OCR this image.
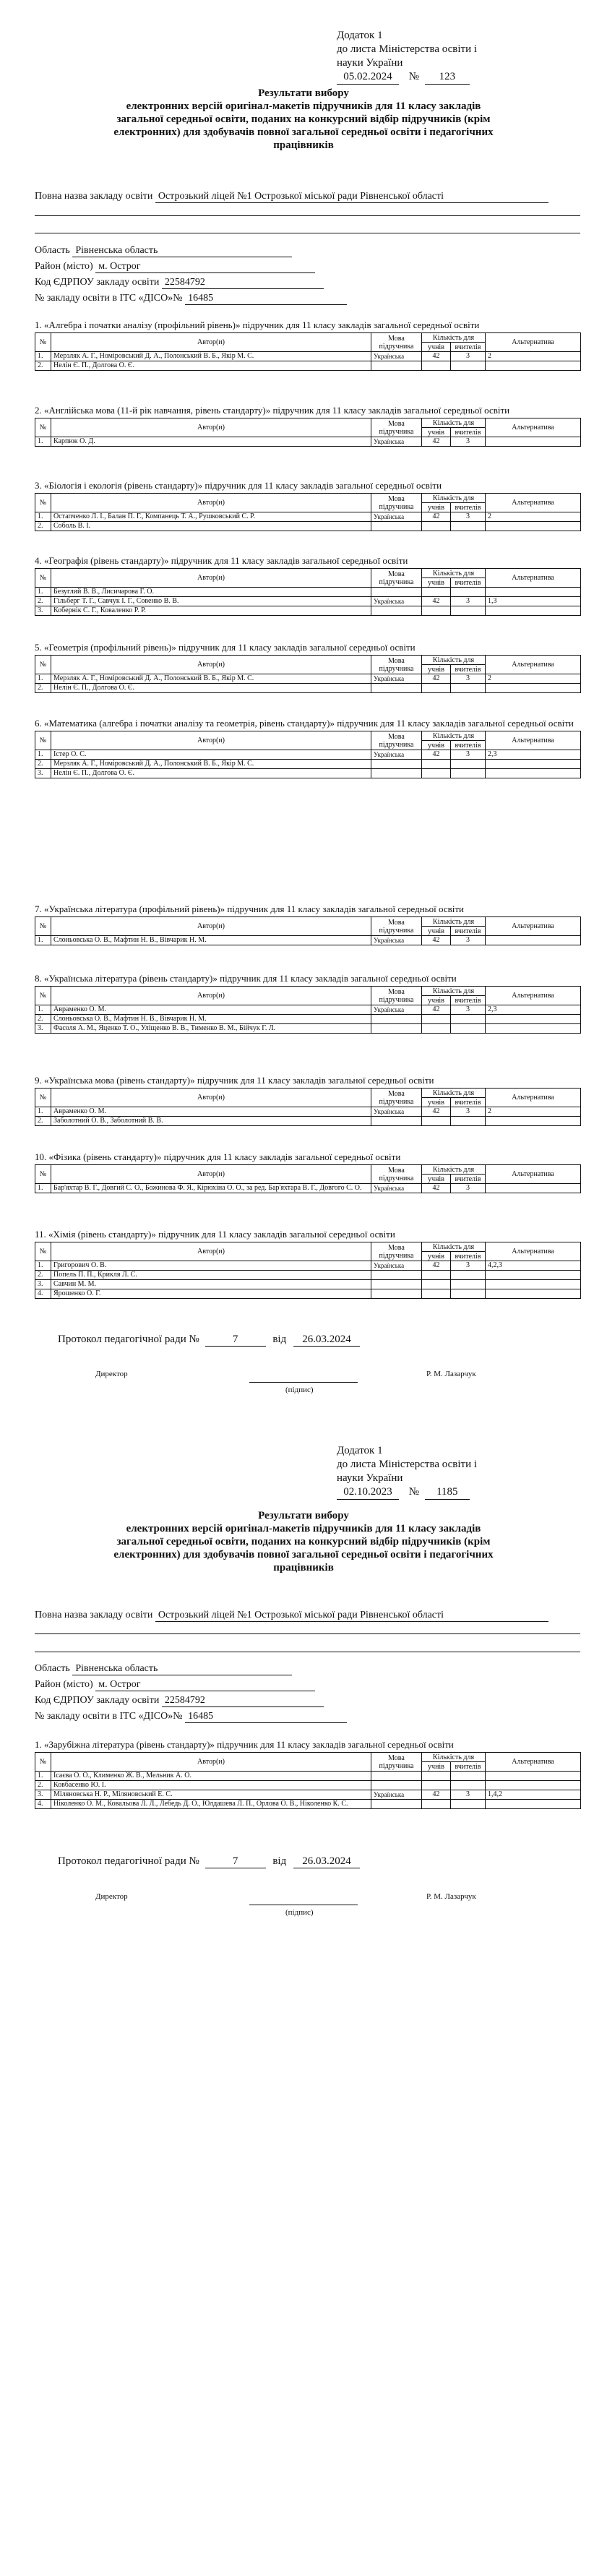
Додаток 1
до листа Міністерства освіти і
науки України
05.02.2024 № 123
Результати вибору
електронних версій оригінал-макетів підручників для 11 класу закладів
загальної середньої освіти, поданих на конкурсний відбір підручників (крім
електронних) для здобувачів повної загальної середньої освіти і педагогічних
працівників
Повна назва закладу освіти Острозький ліцей №1 Острозької міської ради Рівненської області
Область Рівненська область
Район (місто) м. Острог
Код ЄДРПОУ закладу освіти 22584792
№ закладу освіти в ІТС «ДІСО»№ 16485
1. «Алгебра і початки аналізу (профільний рівень)» підручник для 11 класу закладів загальної середньої освіти
№	Автор(и)	Мова підручника	Кількість для		Альтернатива
			учнів	вчителів	
1.	Мерзляк А. Г., Номіровський Д. А., Полонський В. Б., Якір М. С.	Українська	42	3	2
2.	Нелін Є. П., Долгова О. Є.				
2. «Англійська мова (11-й рік навчання, рівень стандарту)» підручник для 11 класу закладів загальної середньої освіти
№	Автор(и)	Мова підручника	Кількість для		Альтернатива
			учнів	вчителів	
1.	Карпюк О. Д.	Українська	42	3	
3. «Біологія і екологія (рівень стандарту)» підручник для 11 класу закладів загальної середньої освіти
№	Автор(и)	Мова підручника	Кількість для		Альтернатива
			учнів	вчителів	
1.	Остапченко Л. І., Балан П. Г., Компанець Т. А., Рушковський С. Р.	Українська	42	3	2
2.	Соболь В. І.				
4. «Географія (рівень стандарту)» підручник для 11 класу закладів загальної середньої освіти
№	Автор(и)	Мова підручника	Кількість для		Альтернатива
			учнів	вчителів	
1.	Безуглий В. В., Лисичарова Г. О.				
2.	Гільберг Т. Г., Савчук І. Г., Совенко В. В.	Українська	42	3	1,3
3.	Кобернік С. Г., Коваленко Р. Р.				
5. «Геометрія (профільний рівень)» підручник для 11 класу закладів загальної середньої освіти
№	Автор(и)	Мова підручника	Кількість для		Альтернатива
			учнів	вчителів	
1.	Мерзляк А. Г., Номіровський Д. А., Полонський В. Б., Якір М. С.	Українська	42	3	2
2.	Нелін Є. П., Долгова О. Є.				
6. «Математика (алгебра і початки аналізу та геометрія, рівень стандарту)» підручник для 11 класу закладів загальної середньої освіти
№	Автор(и)	Мова підручника	Кількість для		Альтернатива
			учнів	вчителів	
1.	Істер О. С.	Українська	42	3	2,3
2.	Мерзляк А. Г., Номіровський Д. А., Полонський В. Б., Якір М. С.				
3.	Нелін Є. П., Долгова О. Є.				
7. «Українська література (профільний рівень)» підручник для 11 класу закладів загальної середньої освіти
№	Автор(и)	Мова підручника	Кількість для		Альтернатива
			учнів	вчителів	
1.	Слоньовська О. В., Мафтин Н. В., Вівчарик Н. М.	Українська	42	3	
8. «Українська література (рівень стандарту)» підручник для 11 класу закладів загальної середньої освіти
№	Автор(и)	Мова підручника	Кількість для		Альтернатива
			учнів	вчителів	
1.	Авраменко О. М.	Українська	42	3	2,3
2.	Слоньовська О. В., Мафтин Н. В., Вівчарик Н. М.				
3.	Фасоля А. М., Яценко Т. О., Уліщенко В. В., Тименко В. М., Бійчук Г. Л.				
9. «Українська мова (рівень стандарту)» підручник для 11 класу закладів загальної середньої освіти
№	Автор(и)	Мова підручника	Кількість для		Альтернатива
			учнів	вчителів	
1.	Авраменко О. М.	Українська	42	3	2
2.	Заболотний О. В., Заболотний В. В.				
10. «Фізика (рівень стандарту)» підручник для 11 класу закладів загальної середньої освіти
№	Автор(и)	Мова підручника	Кількість для		Альтернатива
			учнів	вчителів	
1.	Бар'яхтар В. Г., Довгий С. О., Божинова Ф. Я., Кірюхіна О. О., за ред. Бар'яхтара В. Г., Довгого С. О.	Українська	42	3	
11. «Хімія (рівень стандарту)» підручник для 11 класу закладів загальної середньої освіти
№	Автор(и)	Мова підручника	Кількість для		Альтернатива
			учнів	вчителів	
1.	Григорович О. В.	Українська	42	3	4,2,3
2.	Попель П. П., Крикля Л. С.				
3.	Савчин М. М.				
4.	Ярошенко О. Г.				
Протокол педагогічної ради №	7	від 26.03.2024
Директор
(підпис)
Р. М. Лазарчук
Додаток 1
до листа Міністерства освіти і
науки України
02.10.2023 № 1185
Результати вибору
електронних версій оригінал-макетів підручників для 11 класу закладів
загальної середньої освіти, поданих на конкурсний відбір підручників (крім
електронних) для здобувачів повної загальної середньої освіти і педагогічних
працівників
Повна назва закладу освіти Острозький ліцей №1 Острозької міської ради Рівненської області
Область Рівненська область
Район (місто) м. Острог
Код ЄДРПОУ закладу освіти 22584792
№ закладу освіти в ІТС «ДІСО»№ 16485
1. «Зарубіжна література (рівень стандарту)» підручник для 11 класу закладів загальної середньої освіти
№	Автор(и)	Мова підручника	Кількість для		Альтернатива
			учнів	вчителів	
1.	Ісаєва О. О., Клименко Ж. В., Мельник А. О.				
2.	Ковбасенко Ю. І.				
3.	Міляновська Н. Р., Міляновський Е. С.	Українська	42	3	1,4,2
4.	Ніколенко О. М., Ковальова Л. Л., Лебедь Д. О., Юлдашева Л. П., Орлова О. В., Ніколенко К. С.				
Протокол педагогічної ради №	7	від 26.03.2024
Директор
(підпис)
Р. М. Лазарчук
